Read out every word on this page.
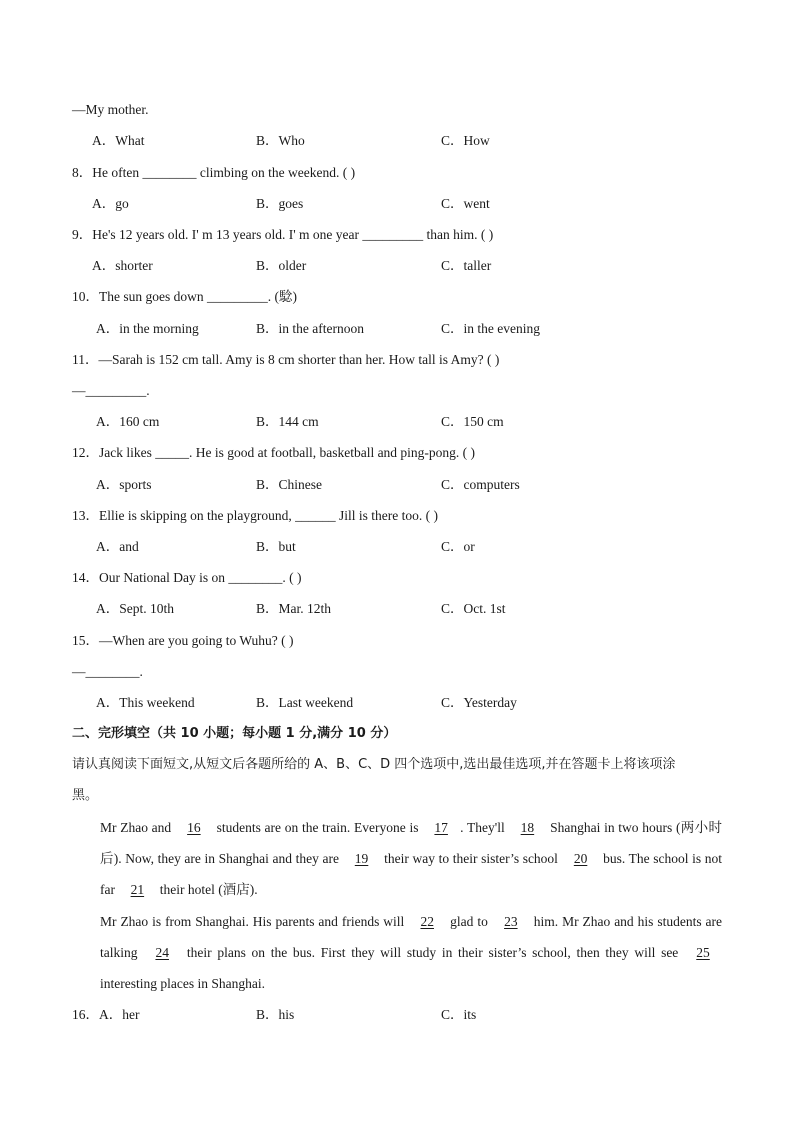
—My mother.
A．What	B．Who	C．How
8．He often ________ climbing on the weekend. ( )
A．go	B．goes	C．went
9．He's 12 years old. I' m 13 years old. I' m one year _________ than him. ( )
A．shorter	B．older	C．taller
10．The sun goes down _________. (騐)
A．in the morning	B．in the afternoon	C．in the evening
11．—Sarah is 152 cm tall. Amy is 8 cm shorter than her. How tall is Amy? ( )
—_________.
A．160 cm	B．144 cm	C．150 cm
12．Jack likes _____. He is good at football, basketball and ping-pong. ( )
A．sports	B．Chinese	C．computers
13．Ellie is skipping on the playground, ______ Jill is there too. ( )
A．and	B．but	C．or
14．Our National Day is on ________. ( )
A．Sept. 10th	B．Mar. 12th	C．Oct. 1st
15．—When are you going to Wuhu? ( )
—________.
A．This weekend	B．Last weekend	C．Yesterday
二、完形填空（共 10 小题；每小题 1 分,满分 10 分）
请认真阅读下面短文,从短文后各题所给的 A、B、C、D 四个选项中,选出最佳选项,并在答题卡上将该项涂
黑。
Mr Zhao and 16 students are on the train. Everyone is 17 . They'll 18 Shanghai in two hours (两小时后). Now, they are in Shanghai and they are 19 their way to their sister’s school 20 bus. The school is not far 21 their hotel (酒店).
Mr Zhao is from Shanghai. His parents and friends will 22 glad to 23 him. Mr Zhao and his students are talking 24 their plans on the bus. First they will study in their sister’s school, then they will see 25 interesting places in Shanghai.
16．A．her	B．his	C．its
